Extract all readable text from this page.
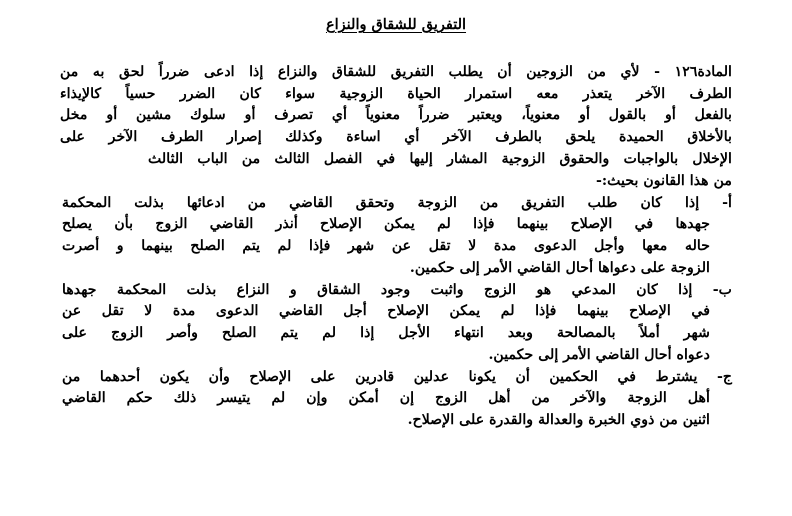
التفريق للشقاق والنزاع
المادة١٢٦ - لأي من الزوجين أن يطلب التفريق للشقاق والنزاع إذا ادعى ضرراً لحق به من
الطرف الآخر يتعذر معه استمرار الحياة الزوجية سواء كان الضرر حسياً كالإيذاء
بالفعل أو بالقول أو معنوياً، ويعتبر ضرراً معنوياً أي تصرف أو سلوك مشين أو مخل
بالأخلاق الحميدة يلحق بالطرف الآخر أي اساءة وكذلك إصرار الطرف الآخر على
الإخلال بالواجبات والحقوق الزوجية المشار إليها في الفصل الثالث من الباب الثالث
من هذا القانون بحيث:-
أ- إذا كان طلب التفريق من الزوجة وتحقق القاضي من ادعائها بذلت المحكمة
جهدها في الإصلاح بينهما فإذا لم يمكن الإصلاح أنذر القاضي الزوج بأن يصلح
حاله معها وأجل الدعوى مدة لا تقل عن شهر فإذا لم يتم الصلح بينهما و أصرت
الزوجة على دعواها أحال القاضي الأمر إلى حكمين.
ب- إذا كان المدعي هو الزوج واثبت وجود الشقاق و النزاع بذلت المحكمة جهدها
في الإصلاح بينهما فإذا لم يمكن الإصلاح أجل القاضي الدعوى مدة لا تقل عن
شهر أملاً بالمصالحة وبعد انتهاء الأجل إذا لم يتم الصلح وأصر الزوج على
دعواه أحال القاضي الأمر إلى حكمين.
ج- يشترط في الحكمين أن يكونا عدلين قادرين على الإصلاح وأن يكون أحدهما من
أهل الزوجة والآخر من أهل الزوج إن أمكن وإن لم يتيسر ذلك حكم القاضي
اثنين من ذوي الخبرة والعدالة والقدرة على الإصلاح.
